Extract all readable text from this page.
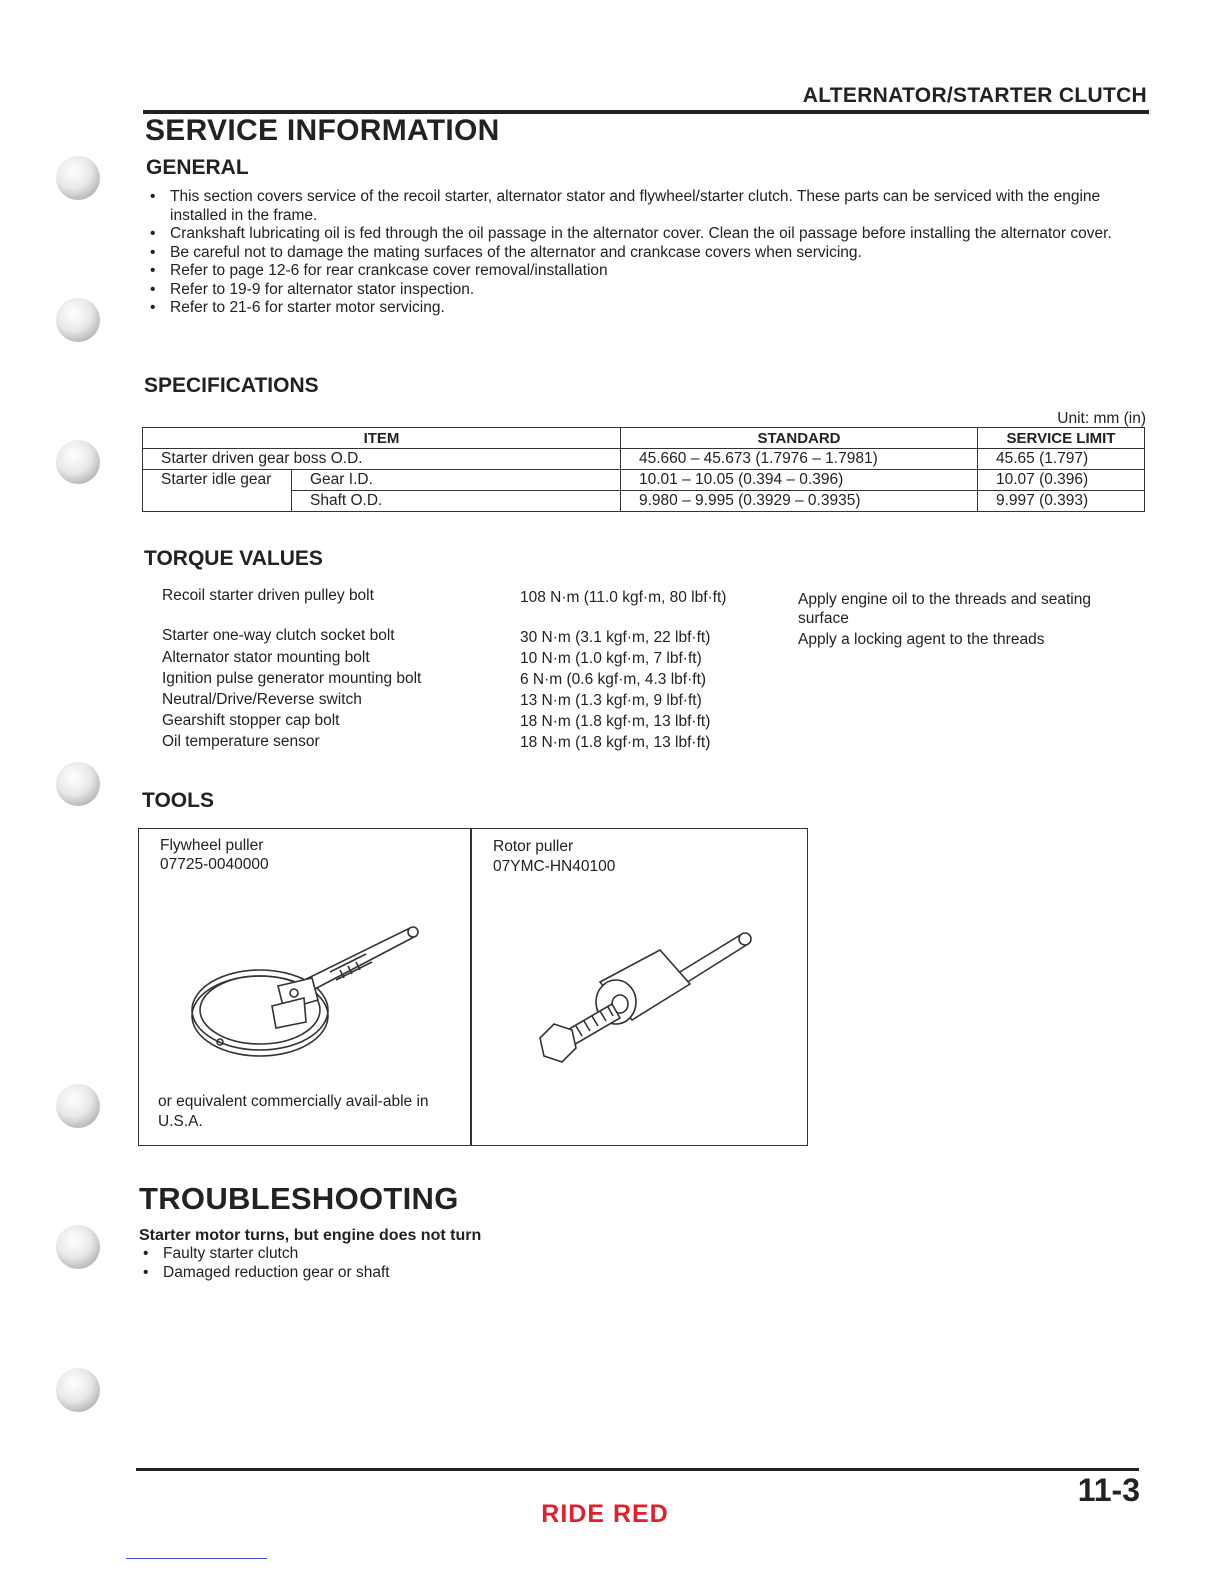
ALTERNATOR/STARTER CLUTCH
SERVICE INFORMATION
GENERAL
• This section covers service of the recoil starter, alternator stator and flywheel/starter clutch. These parts can be serviced with the engine installed in the frame.
• Crankshaft lubricating oil is fed through the oil passage in the alternator cover. Clean the oil passage before installing the alternator cover.
• Be careful not to damage the mating surfaces of the alternator and crankcase covers when servicing.
• Refer to page 12-6 for rear crankcase cover removal/installation
• Refer to 19-9 for alternator stator inspection.
• Refer to 21-6 for starter motor servicing.
SPECIFICATIONS
Unit: mm (in)
ITEM		STANDARD	SERVICE LIMIT
Starter driven gear boss O.D.		45.660 – 45.673 (1.7976 – 1.7981)	45.65 (1.797)
Starter idle gear	Gear I.D.	10.01 – 10.05 (0.394 – 0.396)	10.07 (0.396)
	Shaft O.D.	9.980 – 9.995 (0.3929 – 0.3935)	9.997 (0.393)
TORQUE VALUES
Recoil starter driven pulley bolt	108 N·m (11.0 kgf·m, 80 lbf·ft)	Apply engine oil to the threads and seating surface
Starter one-way clutch socket bolt	30 N·m (3.1 kgf·m, 22 lbf·ft)	Apply a locking agent to the threads
Alternator stator mounting bolt	10 N·m (1.0 kgf·m, 7 lbf·ft)
Ignition pulse generator mounting bolt	6 N·m (0.6 kgf·m, 4.3 lbf·ft)
Neutral/Drive/Reverse switch	13 N·m (1.3 kgf·m, 9 lbf·ft)
Gearshift stopper cap bolt	18 N·m (1.8 kgf·m, 13 lbf·ft)
Oil temperature sensor	18 N·m (1.8 kgf·m, 13 lbf·ft)
TOOLS
Flywheel puller
07725-0040000
or equivalent commercially avail-able in U.S.A.
Rotor puller
07YMC-HN40100
TROUBLESHOOTING
Starter motor turns, but engine does not turn
• Faulty starter clutch
• Damaged reduction gear or shaft
11-3
RIDE RED
